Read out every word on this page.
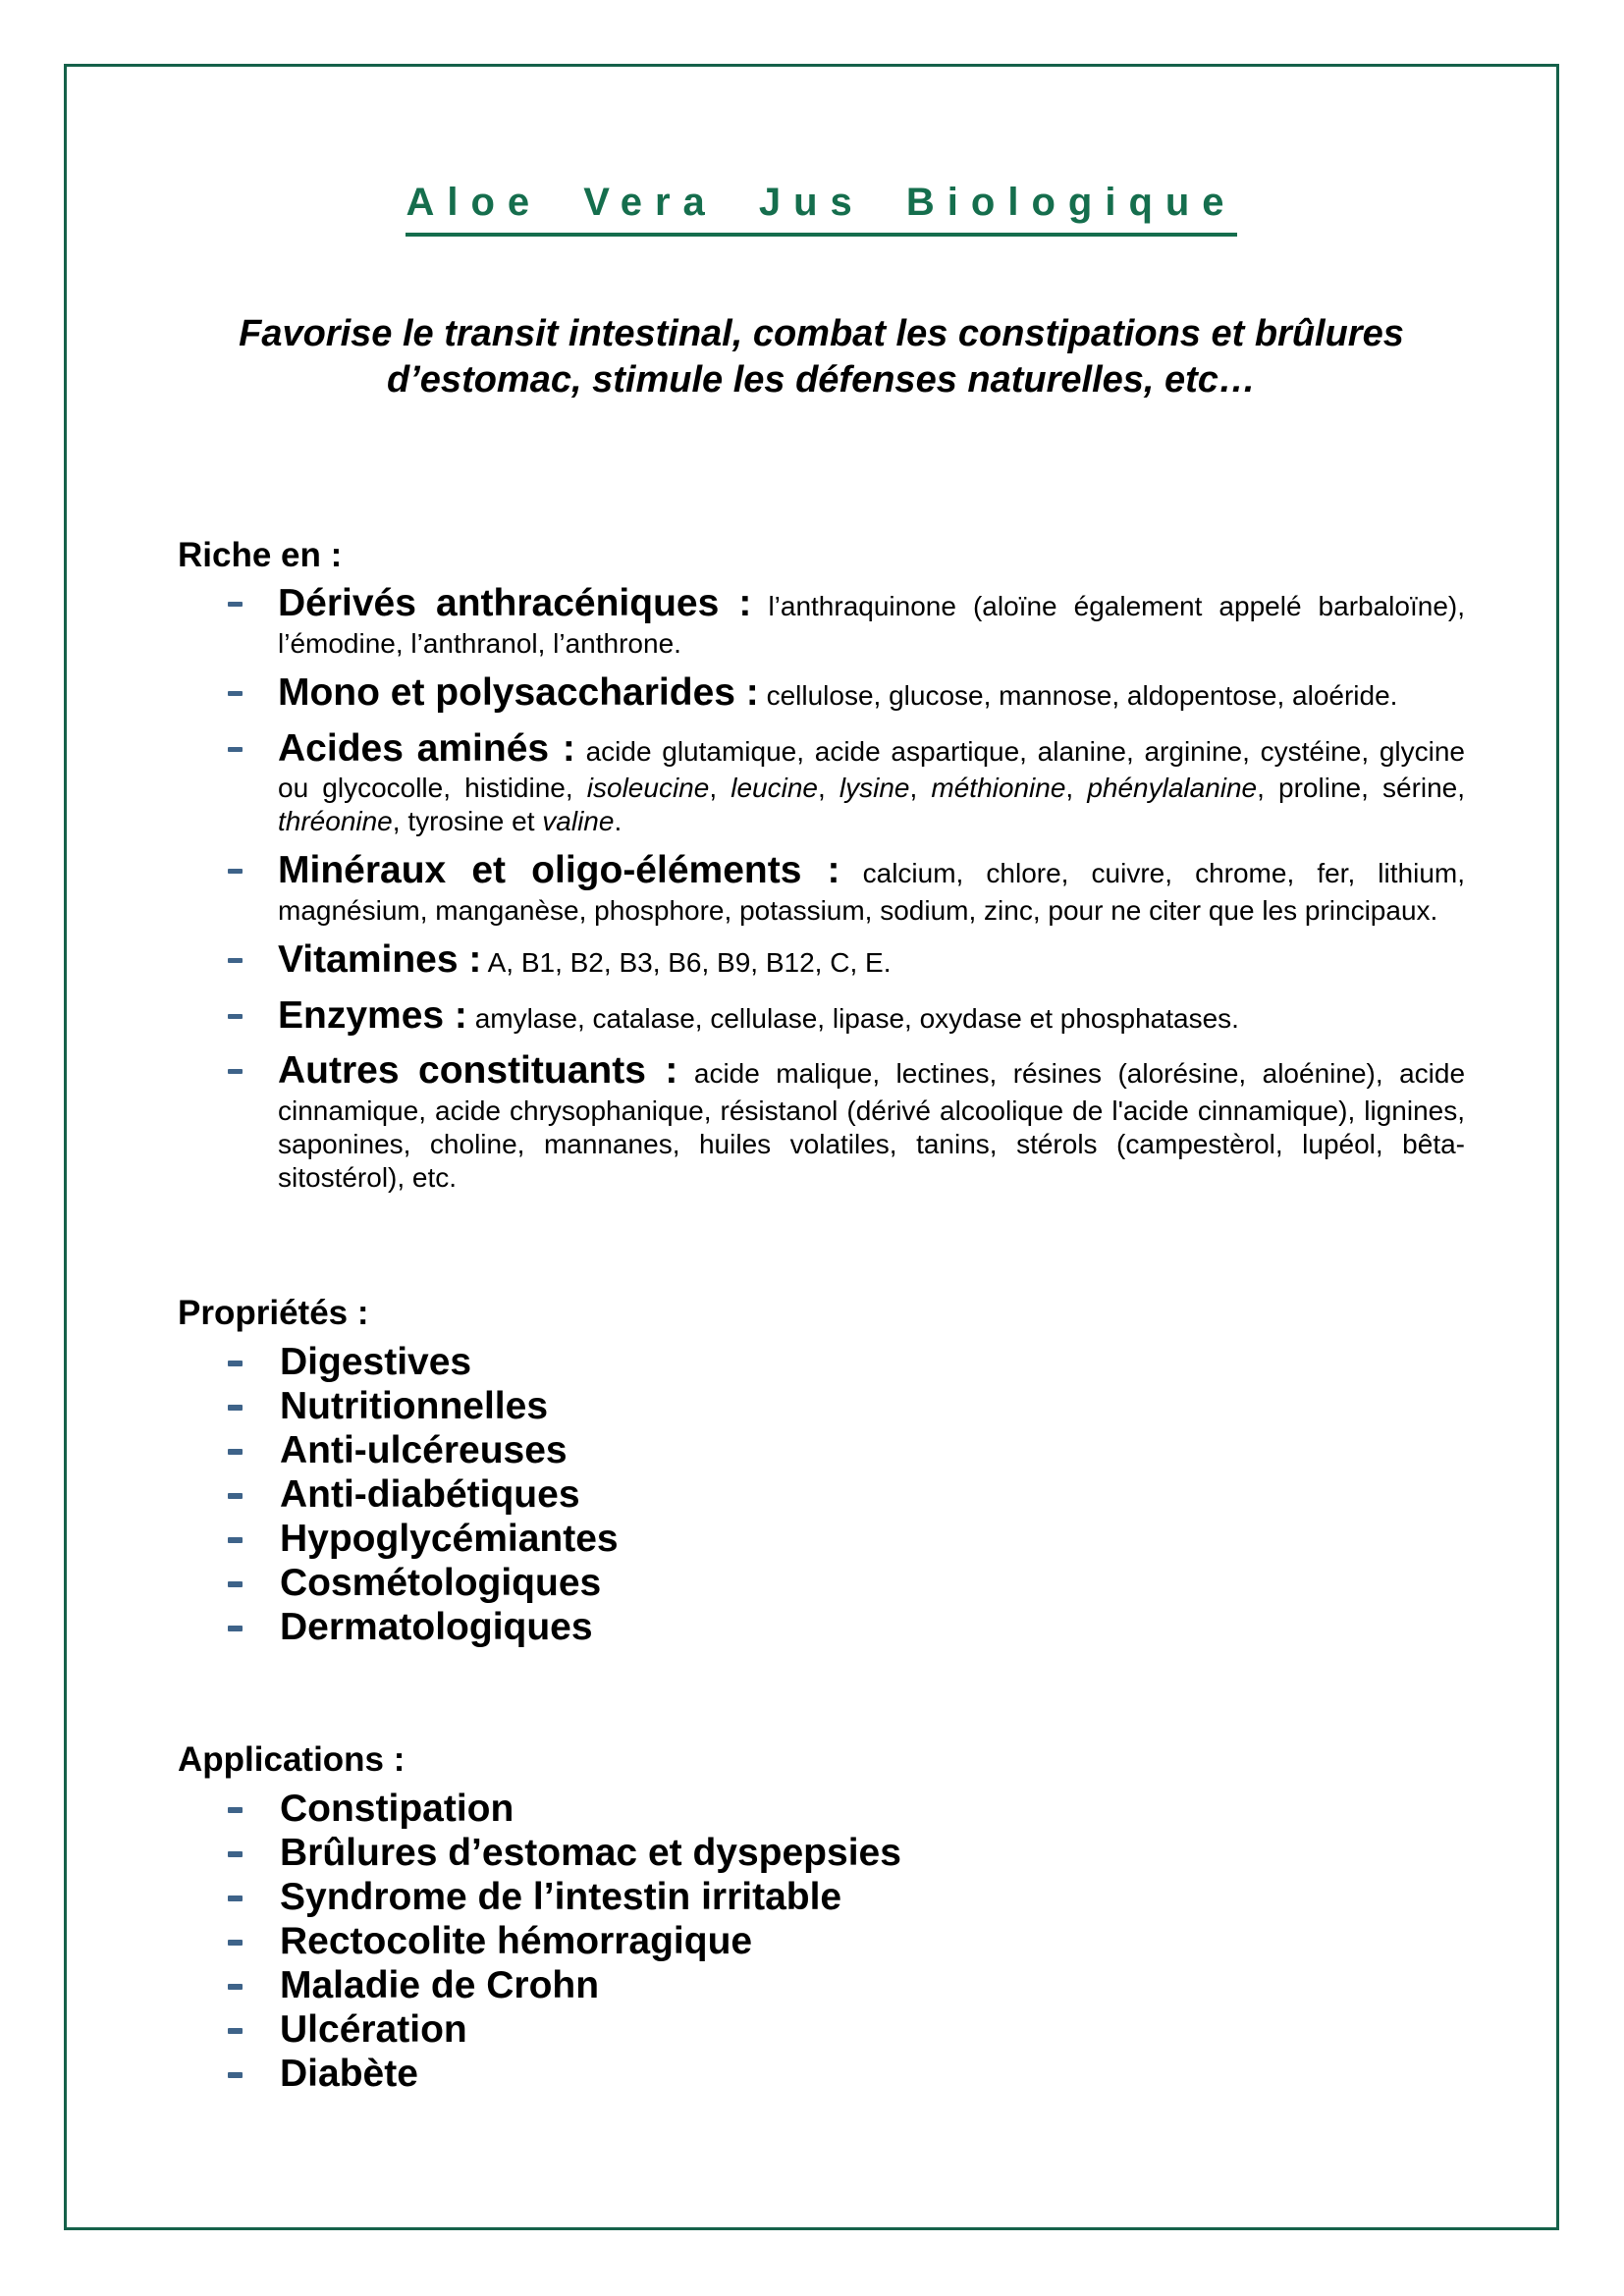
Aloe Vera Jus Biologique
Favorise le transit intestinal, combat les constipations et brûlures d’estomac, stimule les défenses naturelles, etc…
Riche en :
Dérivés anthracéniques : l’anthraquinone (aloïne également appelé barbaloïne), l’émodine, l’anthranol, l’anthrone.
Mono et polysaccharides : cellulose, glucose, mannose, aldopentose, aloéride.
Acides aminés : acide glutamique, acide aspartique, alanine, arginine, cystéine, glycine ou glycocolle, histidine, isoleucine, leucine, lysine, méthionine, phénylalanine, proline, sérine, thréonine, tyrosine et valine.
Minéraux et oligo-éléments : calcium, chlore, cuivre, chrome, fer, lithium, magnésium, manganèse, phosphore, potassium, sodium, zinc, pour ne citer que les principaux.
Vitamines : A, B1, B2, B3, B6, B9, B12, C, E.
Enzymes : amylase, catalase, cellulase, lipase, oxydase et phosphatases.
Autres constituants : acide malique, lectines, résines (alorésine, aloénine), acide cinnamique, acide chrysophanique, résistanol (dérivé alcoolique de l'acide cinnamique), lignines, saponines, choline, mannanes, huiles volatiles, tanins, stérols (campestèrol, lupéol, bêta-sitostérol), etc.
Propriétés :
Digestives
Nutritionnelles
Anti-ulcéreuses
Anti-diabétiques
Hypoglycémiantes
Cosmétologiques
Dermatologiques
Applications :
Constipation
Brûlures d’estomac et dyspepsies
Syndrome de l’intestin irritable
Rectocolite hémorragique
Maladie de Crohn
Ulcération
Diabète
